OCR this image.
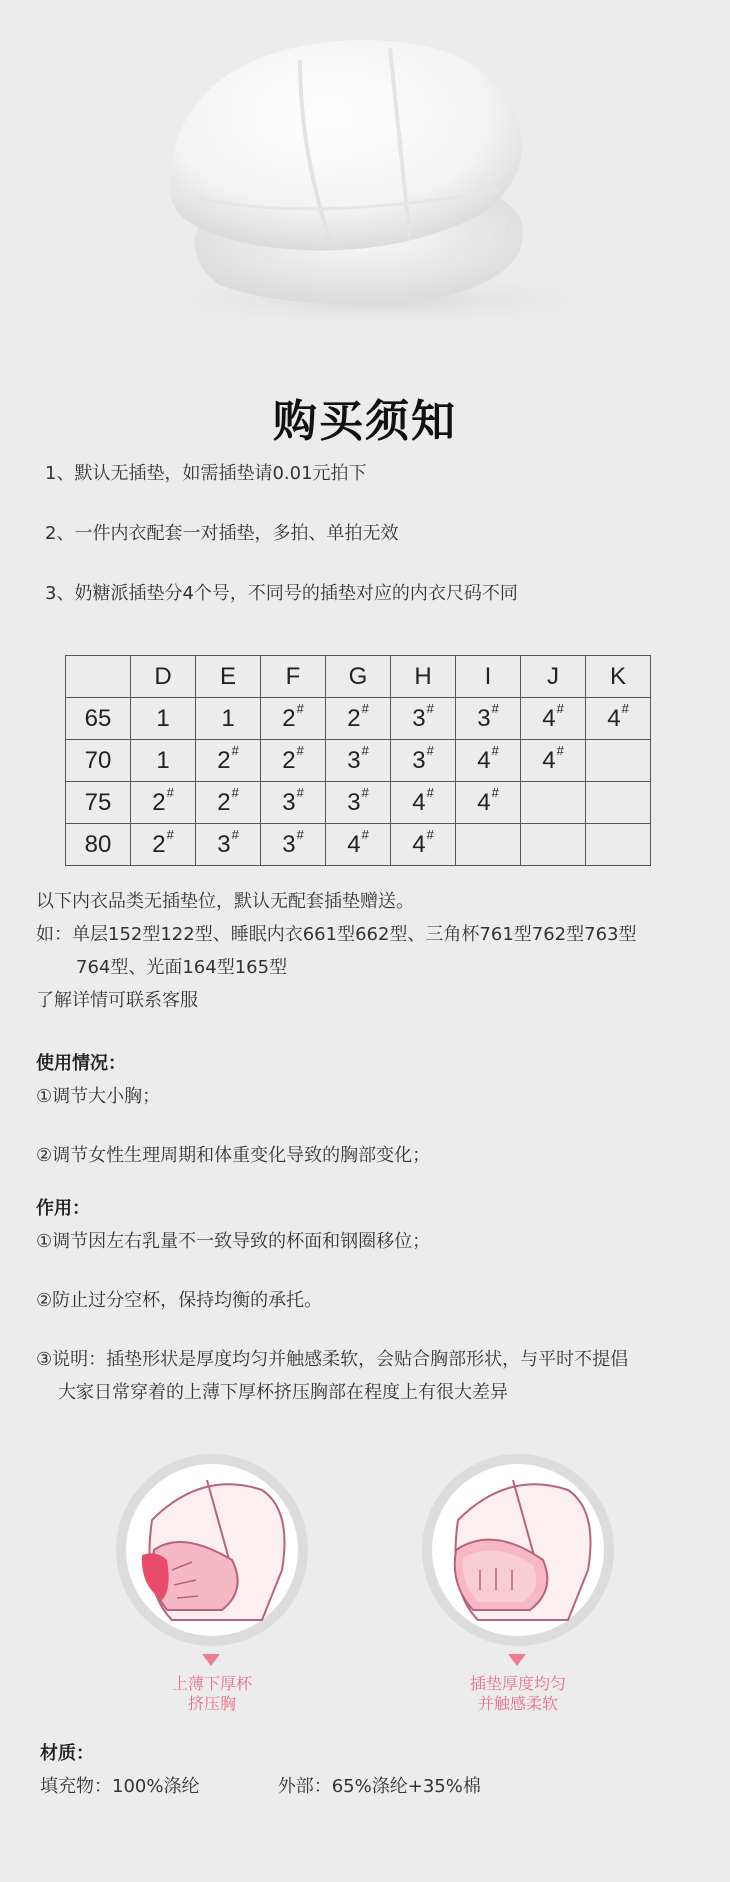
购买须知
1、默认无插垫，如需插垫请0.01元拍下
2、一件内衣配套一对插垫，多拍、单拍无效
3、奶糖派插垫分4个号，不同号的插垫对应的内衣尺码不同
	D	E	F	G	H	I	J	K
65	1	1	2#	2#	3#	3#	4#	4#
70	1	2#	2#	3#	3#	4#	4#	
75	2#	2#	3#	3#	4#	4#		
80	2#	3#	3#	4#	4#			
以下内衣品类无插垫位，默认无配套插垫赠送。
如：单层152型122型、睡眠内衣661型662型、三角杯761型762型763型
764型、光面164型165型
了解详情可联系客服
使用情况：
①调节大小胸；
②调节女性生理周期和体重变化导致的胸部变化；
作用：
①调节因左右乳量不一致导致的杯面和钢圈移位；
②防止过分空杯，保持均衡的承托。
③说明：插垫形状是厚度均匀并触感柔软，会贴合胸部形状，与平时不提倡
大家日常穿着的上薄下厚杯挤压胸部在程度上有很大差异
上薄下厚杯
挤压胸
插垫厚度均匀
并触感柔软
材质：
填充物：100%涤纶	外部：65%涤纶+35%棉
